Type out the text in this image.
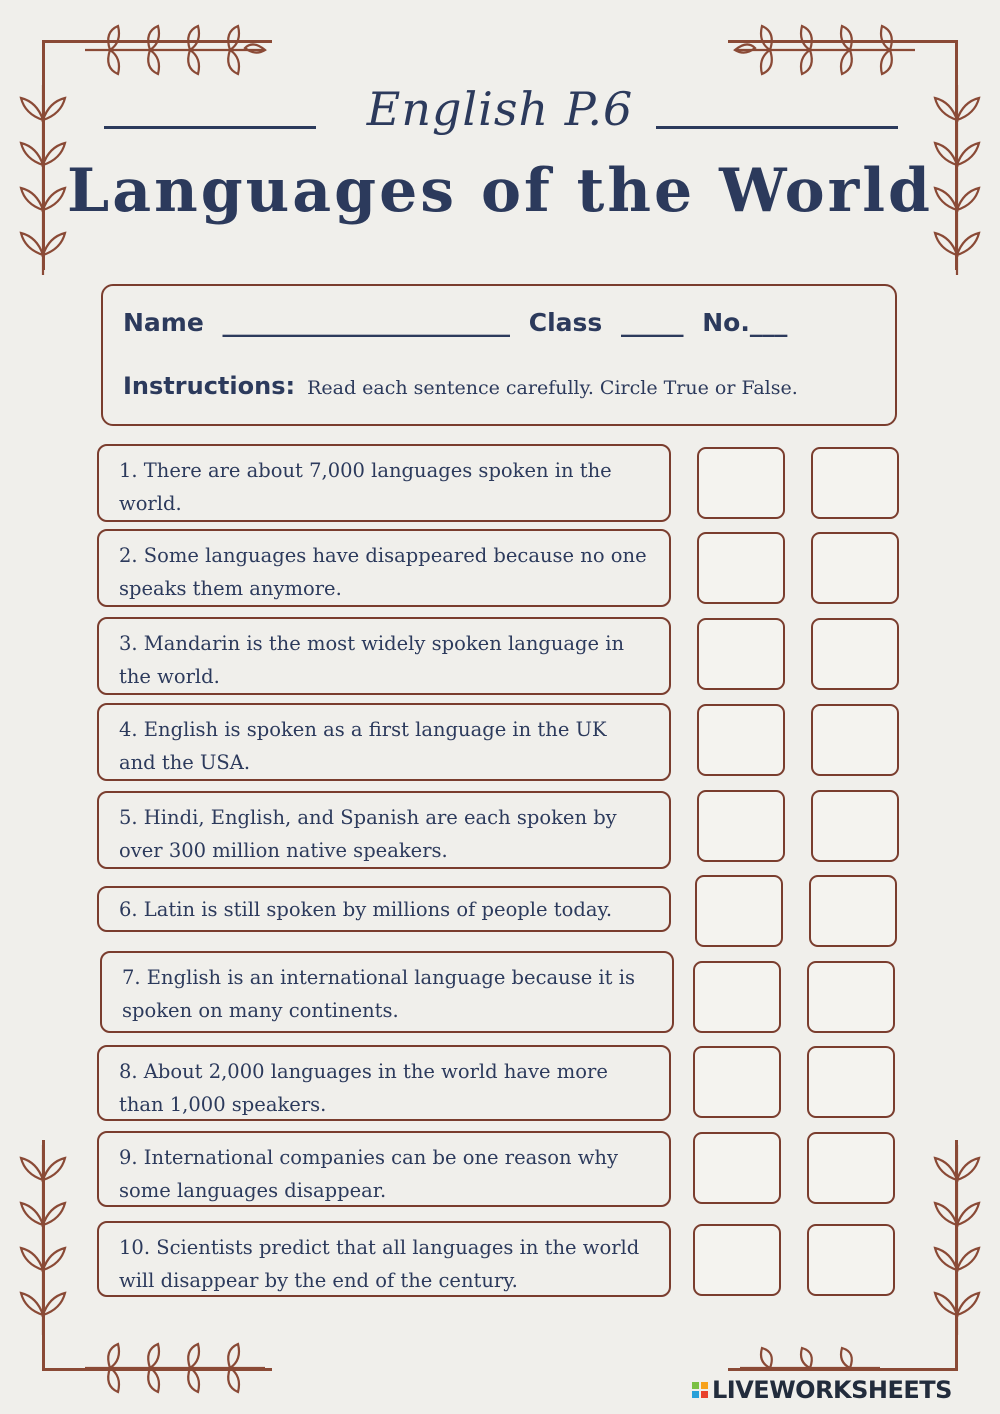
English P.6
Languages of the World
Name _______________________ Class _____ No.___
Instructions: Read each sentence carefully. Circle True or False.
1. There are about 7,000 languages spoken in the world.
2. Some languages have disappeared because no one speaks them anymore.
3. Mandarin is the most widely spoken language in the world.
4. English is spoken as a first language in the UK and the USA.
5. Hindi, English, and Spanish are each spoken by over 300 million native speakers.
6. Latin is still spoken by millions of people today.
7. English is an international language because it is spoken on many continents.
8. About 2,000 languages in the world have more than 1,000 speakers.
9. International companies can be one reason why some languages disappear.
10. Scientists predict that all languages in the world will disappear by the end of the century.
LIVEWORKSHEETS
